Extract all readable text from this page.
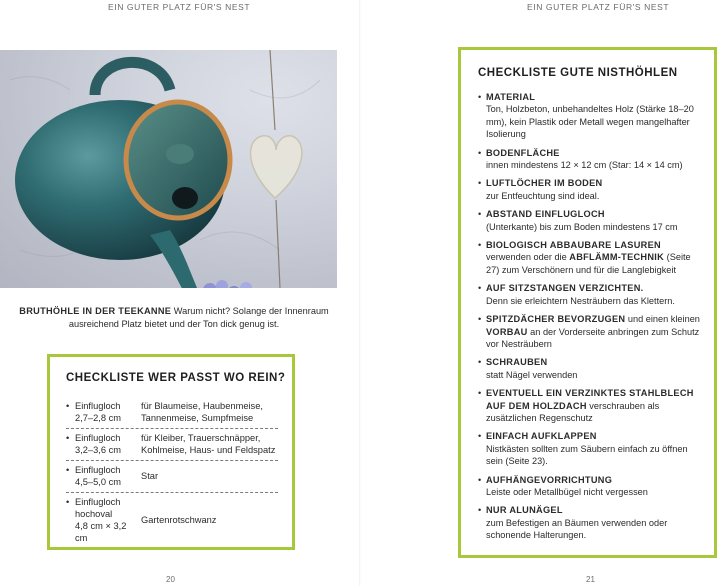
EIN GUTER PLATZ FÜR'S NEST
BRUTHÖHLE IN DER TEEKANNE Warum nicht? Solange der Innenraum ausreichend Platz bietet und der Ton dick genug ist.
CHECKLISTE WER PASST WO REIN?
• Einflugloch
2,7–2,8 cm
für Blaumeise, Haubenmeise, Tannenmeise, Sumpfmeise
• Einflugloch
3,2–3,6 cm
für Kleiber, Trauerschnäpper, Kohlmeise, Haus- und Feldspatz
• Einflugloch
4,5–5,0 cm
Star
• Einflugloch
hochoval
4,8 cm × 3,2 cm
Gartenrotschwanz
20
EIN GUTER PLATZ FÜR'S NEST
CHECKLISTE GUTE NISTHÖHLEN
• MATERIAL
Ton, Holzbeton, unbehandeltes Holz (Stärke 18–20 mm), kein Plastik oder Metall wegen mangelhafter Isolierung
• BODENFLÄCHE
innen mindestens 12 × 12 cm (Star: 14 × 14 cm)
• LUFTLÖCHER IM BODEN
zur Entfeuchtung sind ideal.
• ABSTAND EINFLUGLOCH
(Unterkante) bis zum Boden mindestens 17 cm
• BIOLOGISCH ABBAUBARE LASUREN
verwenden oder die ABFLÄMM-TECHNIK (Seite 27) zum Verschönern und für die Langlebigkeit
• AUF SITZSTANGEN VERZICHTEN.
Denn sie erleichtern Nesträubern das Klettern.
• SPITZDÄCHER BEVORZUGEN und einen kleinen VORBAU an der Vorderseite anbringen zum Schutz vor Nesträubern
• SCHRAUBEN
statt Nägel verwenden
• EVENTUELL EIN VERZINKTES STAHLBLECH AUF DEM HOLZDACH verschrauben als zusätzlichen Regenschutz
• EINFACH AUFKLAPPEN
Nistkästen sollten zum Säubern einfach zu öffnen sein (Seite 23).
• AUFHÄNGEVORRICHTUNG
Leiste oder Metallbügel nicht vergessen
• NUR ALUNÄGEL
zum Befestigen an Bäumen verwenden oder schonende Halterungen.
21
